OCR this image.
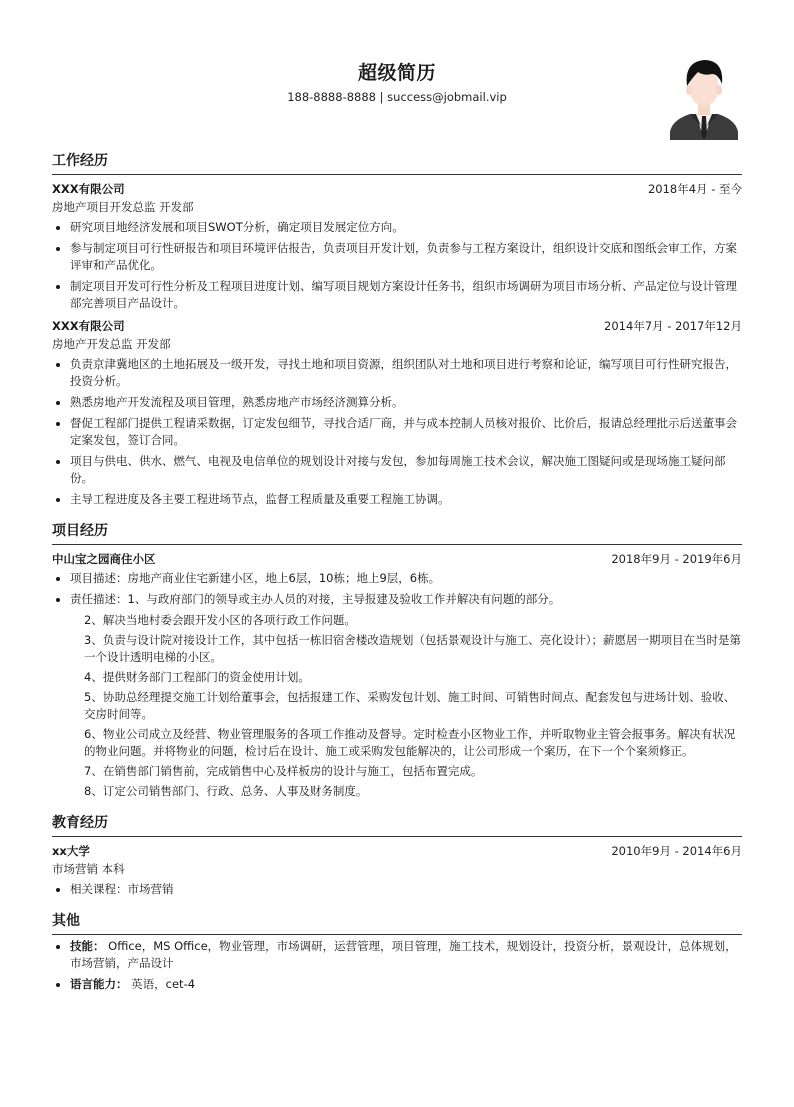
超级简历
188-8888-8888 | success@jobmail.vip
工作经历
XXX有限公司	2018年4月 - 至今
房地产项目开发总监 开发部
• 研究项目地经济发展和项目SWOT分析，确定项目发展定位方向。
• 参与制定项目可行性研报告和项目环境评估报告，负责项目开发计划，负责参与工程方案设计，组织设计交底和图纸会审工作，方案评审和产品优化。
• 制定项目开发可行性分析及工程项目进度计划、编写项目规划方案设计任务书，组织市场调研为项目市场分析、产品定位与设计管理部完善项目产品设计。
XXX有限公司	2014年7月 - 2017年12月
房地产开发总监 开发部
• 负责京津冀地区的土地拓展及一级开发，寻找土地和项目资源，组织团队对土地和项目进行考察和论证，编写项目可行性研究报告，投资分析。
• 熟悉房地产开发流程及项目管理，熟悉房地产市场经济测算分析。
• 督促工程部门提供工程请采数据，订定发包细节，寻找合适厂商，并与成本控制人员核对报价、比价后，报请总经理批示后送董事会定案发包，签订合同。
• 项目与供电、供水、燃气、电视及电信单位的规划设计对接与发包，参加每周施工技术会议，解决施工图疑问或是现场施工疑问部份。
• 主导工程进度及各主要工程进场节点，监督工程质量及重要工程施工协调。
项目经历
中山宝之园商住小区	2018年9月 - 2019年6月
• 项目描述：房地产商业住宅新建小区，地上6层，10栋；地上9层，6栋。
• 责任描述：1、与政府部门的领导或主办人员的对接，主导报建及验收工作并解决有问题的部分。
2、解决当地村委会跟开发小区的各项行政工作问题。
3、负责与设计院对接设计工作，其中包括一栋旧宿舍楼改造规划（包括景观设计与施工、亮化设计）；薪愿居一期项目在当时是第一个设计透明电梯的小区。
4、提供财务部门工程部门的资金使用计划。
5、协助总经理提交施工计划给董事会，包括报建工作、采购发包计划、施工时间、可销售时间点、配套发包与进场计划、验收、交房时间等。
6、物业公司成立及经营、物业管理服务的各项工作推动及督导。定时检查小区物业工作，并听取物业主管会报事务。解决有状况的物业问题。并将物业的问题，检讨后在设计、施工或采购发包能解决的，让公司形成一个案历，在下一个个案须修正。
7、在销售部门销售前，完成销售中心及样板房的设计与施工，包括布置完成。
8、订定公司销售部门、行政、总务、人事及财务制度。
教育经历
xx大学	2010年9月 - 2014年6月
市场营销 本科
• 相关课程：市场营销
其他
• 技能： Office，MS Office，物业管理，市场调研，运营管理，项目管理，施工技术，规划设计，投资分析，景观设计，总体规划，市场营销，产品设计
• 语言能力： 英语，cet-4
